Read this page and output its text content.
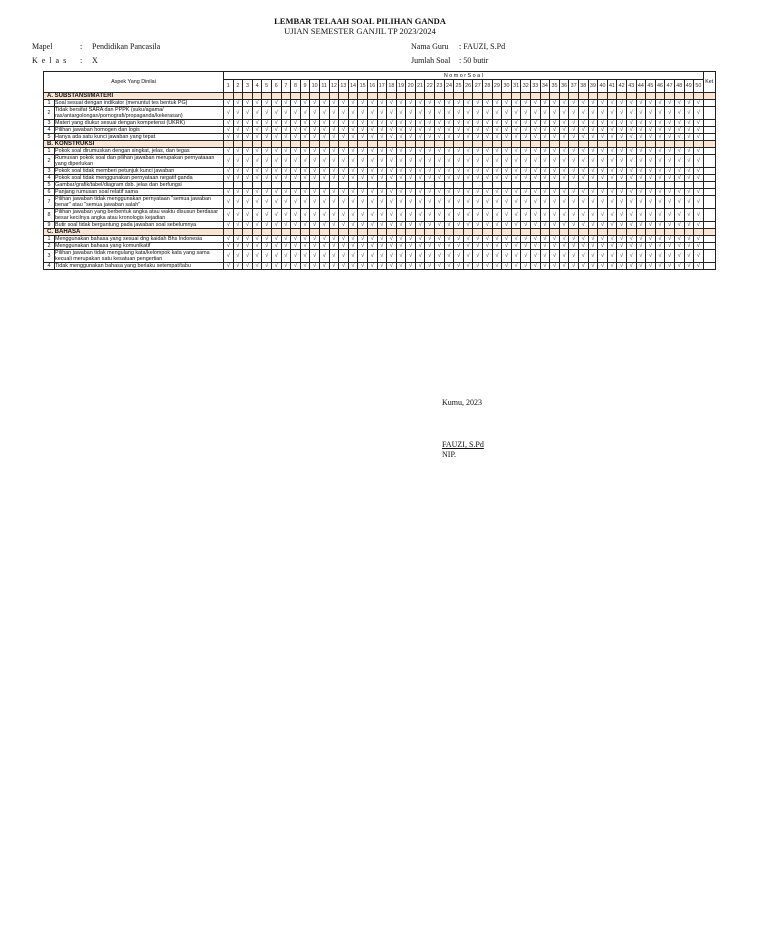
LEMBAR TELAAH SOAL PILIHAN GANDA
UJIAN SEMESTER GANJIL TP 2023/2024
Mapel	: Pendidikan Pancasila
K e l a s : X
Nama Guru : FAUZI, S.Pd
Jumlah Soal : 50 butir
Aspek Yang Dinilai		N o m o r S o a l																																																		Ket
		1	2	3	4	5	6	7	8	9	10	11	12	13	14	15	16	17	18	19	20	21	22	23	24	25	26	27	28	29	30	31	32	33	34	35	36	37	38	39	40	41	42	43	44	45	46	47	48	49	50	
A. SUBSTANSI/MATERI																																																				
1	Soal sesuai dengan indikator (menuntut tes bentuk PG)	√	√	√	√	√	√	√	√	√	√	√	√	√	√	√	√	√	√	√	√	√	√	√	√	√	√	√	√	√	√	√	√	√	√	√	√	√	√	√	√	√	√	√	√	√	√	√	√	√	√	
2	Tidak bersifat SARA dan PPPK (suku/agama/ ras/antargolongan/pornografi/propaganda/kekerasan)	√	√	√	√	√	√	√	√	√	√	√	√	√	√	√	√	√	√	√	√	√	√	√	√	√	√	√	√	√	√	√	√	√	√	√	√	√	√	√	√	√	√	√	√	√	√	√	√	√	√	
3	Materi yang diukur sesuai dengan kompetensi (UKRK)	√	√	√	√	√	√	√	√	√	√	√	√	√	√	√	√	√	√	√	√	√	√	√	√	√	√	√	√	√	√	√	√	√	√	√	√	√	√	√	√	√	√	√	√	√	√	√	√	√	√	
4	Pilihan jawaban homogen dan logis	√	√	√	√	√	√	√	√	√	√	√	√	√	√	√	√	√	√	√	√	√	√	√	√	√	√	√	√	√	√	√	√	√	√	√	√	√	√	√	√	√	√	√	√	√	√	√	√	√	√	
5	Hanya ada satu kunci jawaban yang tepat	√	√	√	√	√	√	√	√	√	√	√	√	√	√	√	√	√	√	√	√	√	√	√	√	√	√	√	√	√	√	√	√	√	√	√	√	√	√	√	√	√	√	√	√	√	√	√	√	√	√	
B. KONSTRUKSI																																																				
1	Pokok soal dirumuskan dengan singkat, jelas, dan tegas	√	√	√	√	√	√	√	√	√	√	√	√	√	√	√	√	√	√	√	√	√	√	√	√	√	√	√	√	√	√	√	√	√	√	√	√	√	√	√	√	√	√	√	√	√	√	√	√	√	√	
2	Rumusan pokok soal dan pilihan jawaban merupakan pernyataaan yang diperlukan	√	√	√	√	√	√	√	√	√	√	√	√	√	√	√	√	√	√	√	√	√	√	√	√	√	√	√	√	√	√	√	√	√	√	√	√	√	√	√	√	√	√	√	√	√	√	√	√	√	√	
3	Pokok soal tidak memberi petunjuk kunci jawaban	√	√	√	√	√	√	√	√	√	√	√	√	√	√	√	√	√	√	√	√	√	√	√	√	√	√	√	√	√	√	√	√	√	√	√	√	√	√	√	√	√	√	√	√	√	√	√	√	√	√	
4	Pokok soal tidak menggunakan pernyataan negatif ganda	√	√	√	√	√	√	√	√	√	√	√	√	√	√	√	√	√	√	√	√	√	√	√	√	√	√	√	√	√	√	√	√	√	√	√	√	√	√	√	√	√	√	√	√	√	√	√	√	√	√	
5	Gambar/grafik/tabel/diagram dsb. jelas dan berfungsi																																																			
6	Panjang rumusan soal relatif sama	√	√	√	√	√	√	√	√	√	√	√	√	√	√	√	√	√	√	√	√	√	√	√	√	√	√	√	√	√	√	√	√	√	√	√	√	√	√	√	√	√	√	√	√	√	√	√	√	√	√	
7	Pilihan jawaban tidak menggunakan pernyataan "semua jawaban benar" atau "semua jawaban salah"	√	√	√	√	√	√	√	√	√	√	√	√	√	√	√	√	√	√	√	√	√	√	√	√	√	√	√	√	√	√	√	√	√	√	√	√	√	√	√	√	√	√	√	√	√	√	√	√	√	√	
8	Pilihan jawaban yang berbentuk angka atau waktu disusun berdasar besar kecilnya angka atau kronologis kejadian	√	√	√	√	√	√	√	√	√	√	√	√	√	√	√	√	√	√	√	√	√	√	√	√	√	√	√	√	√	√	√	√	√	√	√	√	√	√	√	√	√	√	√	√	√	√	√	√	√	√	
9	Butir soal tidak bergantung pada jawaban soal sebelumnya	√	√	√	√	√	√	√	√	√	√	√	√	√	√	√	√	√	√	√	√	√	√	√	√	√	√	√	√	√	√	√	√	√	√	√	√	√	√	√	√	√	√	√	√	√	√	√	√	√	√	
C. BAHASA																																																				
1	Menggunakan bahasa yang sesuai dng kaidah Bhs Indonesia	√	√	√	√	√	√	√	√	√	√	√	√	√	√	√	√	√	√	√	√	√	√	√	√	√	√	√	√	√	√	√	√	√	√	√	√	√	√	√	√	√	√	√	√	√	√	√	√	√	√	
2	Menggunakan bahasa yang komunikatif	√	√	√	√	√	√	√	√	√	√	√	√	√	√	√	√	√	√	√	√	√	√	√	√	√	√	√	√	√	√	√	√	√	√	√	√	√	√	√	√	√	√	√	√	√	√	√	√	√	√	
3	Pilihan jawaban tidak mengulang kata/kelompok kata yang sama kecuali merupakan satu kesatuan pengertian	√	√	√	√	√	√	√	√	√	√	√	√	√	√	√	√	√	√	√	√	√	√	√	√	√	√	√	√	√	√	√	√	√	√	√	√	√	√	√	√	√	√	√	√	√	√	√	√	√	√	
4	Tidak menggunakan bahasa yang berlaku setempat/tabu	√	√	√	√	√	√	√	√	√	√	√	√	√	√	√	√	√	√	√	√	√	√	√	√	√	√	√	√	√	√	√	√	√	√	√	√	√	√	√	√	√	√	√	√	√	√	√	√	√	√	
Kumu, 2023
FAUZI, S.Pd
NIP.
